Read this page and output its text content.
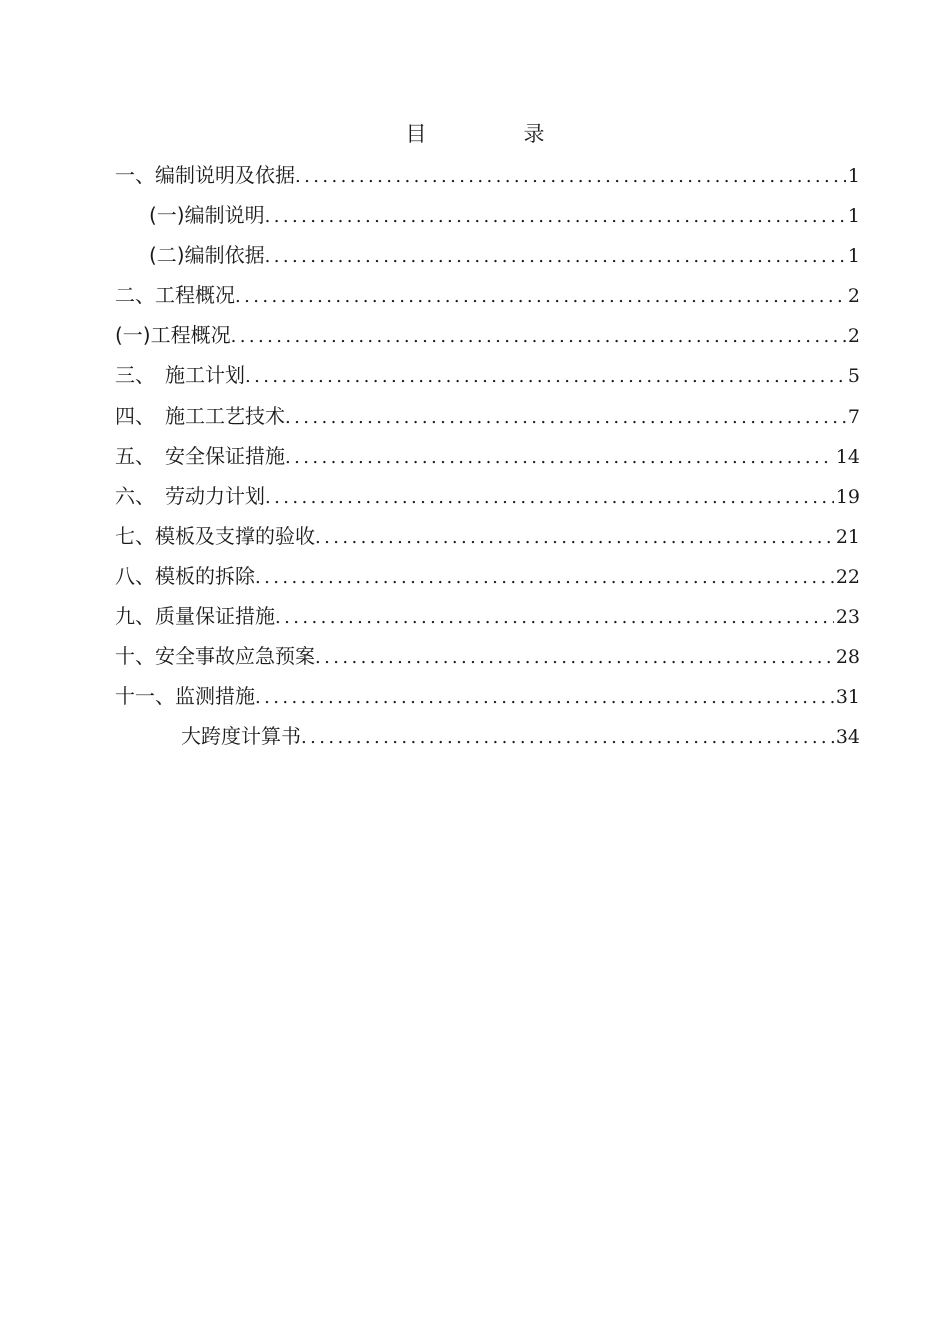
目　录
一、编制说明及依据 .....	1
(一)编制说明 .....	1
(二)编制依据 .....	1
二、工程概况 .....	2
(一)工程概况 .....	2
三、　施工计划 .....	5
四、　施工工艺技术 .....	7
五、　安全保证措施 .....	14
六、　劳动力计划 .....	19
七、模板及支撑的验收 .....	21
八、模板的拆除 .....	22
九、质量保证措施 .....	23
十、安全事故应急预案 .....	28
十一、监测措施 .....	31
大跨度计算书 .....	34
